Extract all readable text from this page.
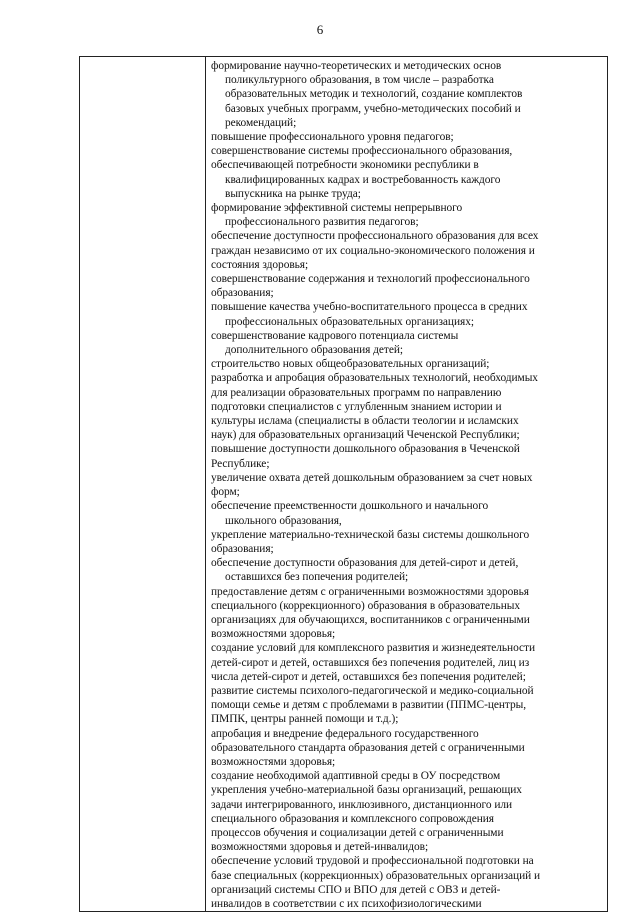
6

формирование научно-теоретических и методических основ
поликультурного образования, в том числе – разработка
образовательных методик и технологий, создание комплектов
базовых учебных программ, учебно-методических пособий и
рекомендаций;
повышение профессионального уровня педагогов;
совершенствование системы профессионального образования,
обеспечивающей потребности экономики республики в
квалифицированных кадрах и востребованность каждого
выпускника на рынке труда;
формирование эффективной системы непрерывного
профессионального развития педагогов;
обеспечение доступности профессионального образования для всех
граждан независимо от их социально-экономического положения и
состояния здоровья;
совершенствование содержания и технологий профессионального
образования;
повышение качества учебно-воспитательного процесса в средних
профессиональных образовательных организациях;
совершенствование кадрового потенциала системы
дополнительного образования детей;
строительство новых общеобразовательных организаций;
разработка и апробация образовательных технологий, необходимых
для реализации образовательных программ по направлению
подготовки специалистов с углубленным знанием истории и
культуры ислама (специалисты в области теологии и исламских
наук) для образовательных организаций Чеченской Республики;
повышение доступности дошкольного образования в Чеченской
Республике;
увеличение охвата детей дошкольным образованием за счет новых
форм;
обеспечение преемственности дошкольного и начального
школьного образования,
укрепление материально-технической базы системы дошкольного
образования;
обеспечение доступности образования для детей-сирот и детей,
оставшихся без попечения родителей;
предоставление детям с ограниченными возможностями здоровья
специального (коррекционного) образования в образовательных
организациях для обучающихся, воспитанников с ограниченными
возможностями здоровья;
создание условий для комплексного развития и жизнедеятельности
детей-сирот и детей, оставшихся без попечения родителей, лиц из
числа детей-сирот и детей, оставшихся без попечения родителей;
развитие системы психолого-педагогической и медико-социальной
помощи семье и детям с проблемами в развитии (ППМС-центры,
ПМПК, центры ранней помощи и т.д.);
апробация и внедрение федерального государственного
образовательного стандарта образования детей с ограниченными
возможностями здоровья;
создание необходимой адаптивной среды в ОУ посредством
укрепления учебно-материальной базы организаций, решающих
задачи интегрированного, инклюзивного, дистанционного или
специального образования и комплексного сопровождения
процессов обучения и социализации детей с ограниченными
возможностями здоровья и детей-инвалидов;
обеспечение условий трудовой и профессиональной подготовки на
базе специальных (коррекционных) образовательных организаций и
организаций системы СПО и ВПО для детей с ОВЗ и детей-
инвалидов в соответствии с их психофизиологическими
